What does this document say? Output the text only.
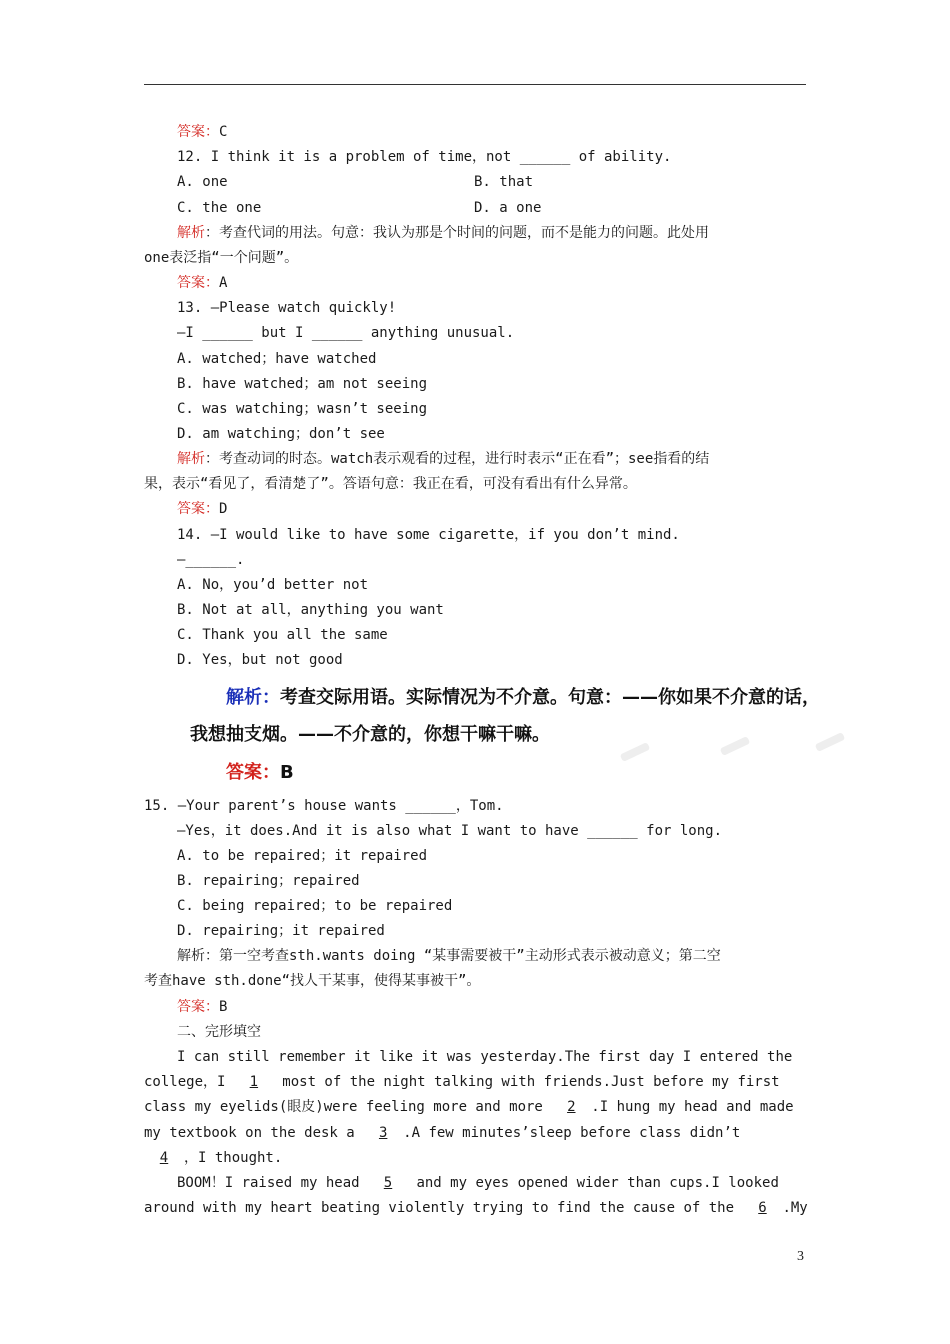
答案：C
12. I think it is a problem of time，not ______ of ability.
A. one	B. that
C. the one	D. a one
解析：考查代词的用法。句意：我认为那是个时间的问题，而不是能力的问题。此处用
one表泛指“一个问题”。
答案：A
13. —Please watch quickly!
—I ______ but I ______ anything unusual.
A. watched；have watched
B. have watched；am not seeing
C. was watching；wasn’t seeing
D. am watching；don’t see
解析：考查动词的时态。watch表示观看的过程，进行时表示“正在看”；see指看的结
果，表示“看见了，看清楚了”。答语句意：我正在看，可没有看出有什么异常。
答案：D
14. —I would like to have some cigarette，if you don’t mind.
—______.
A. No，you’d better not
B. Not at all，anything you want
C. Thank you all the same
D. Yes，but not good
解析：考查交际用语。实际情况为不介意。句意：——你如果不介意的话，
我想抽支烟。——不介意的，你想干嘛干嘛。
答案：B
15. —Your parent’s house wants ______，Tom.
—Yes，it does.And it is also what I want to have ______ for long.
A. to be repaired；it repaired
B. repairing；repaired
C. being repaired；to be repaired
D. repairing；it repaired
解析：第一空考查sth.wants doing “某事需要被干”主动形式表示被动意义；第二空
考查have sth.done“找人干某事，使得某事被干”。
答案：B
二、完形填空
I can still remember it like it was yesterday.The first day I entered the
college，I 1 most of the night talking with friends.Just before my first
class my eyelids(眼皮)were feeling more and more 2 .I hung my head and made
my textbook on the desk a 3 .A few minutes’sleep before class didn’t
4 ，I thought.
BOOM！I raised my head 5 and my eyes opened wider than cups.I looked
around with my heart beating violently trying to find the cause of the 6 .My
3
